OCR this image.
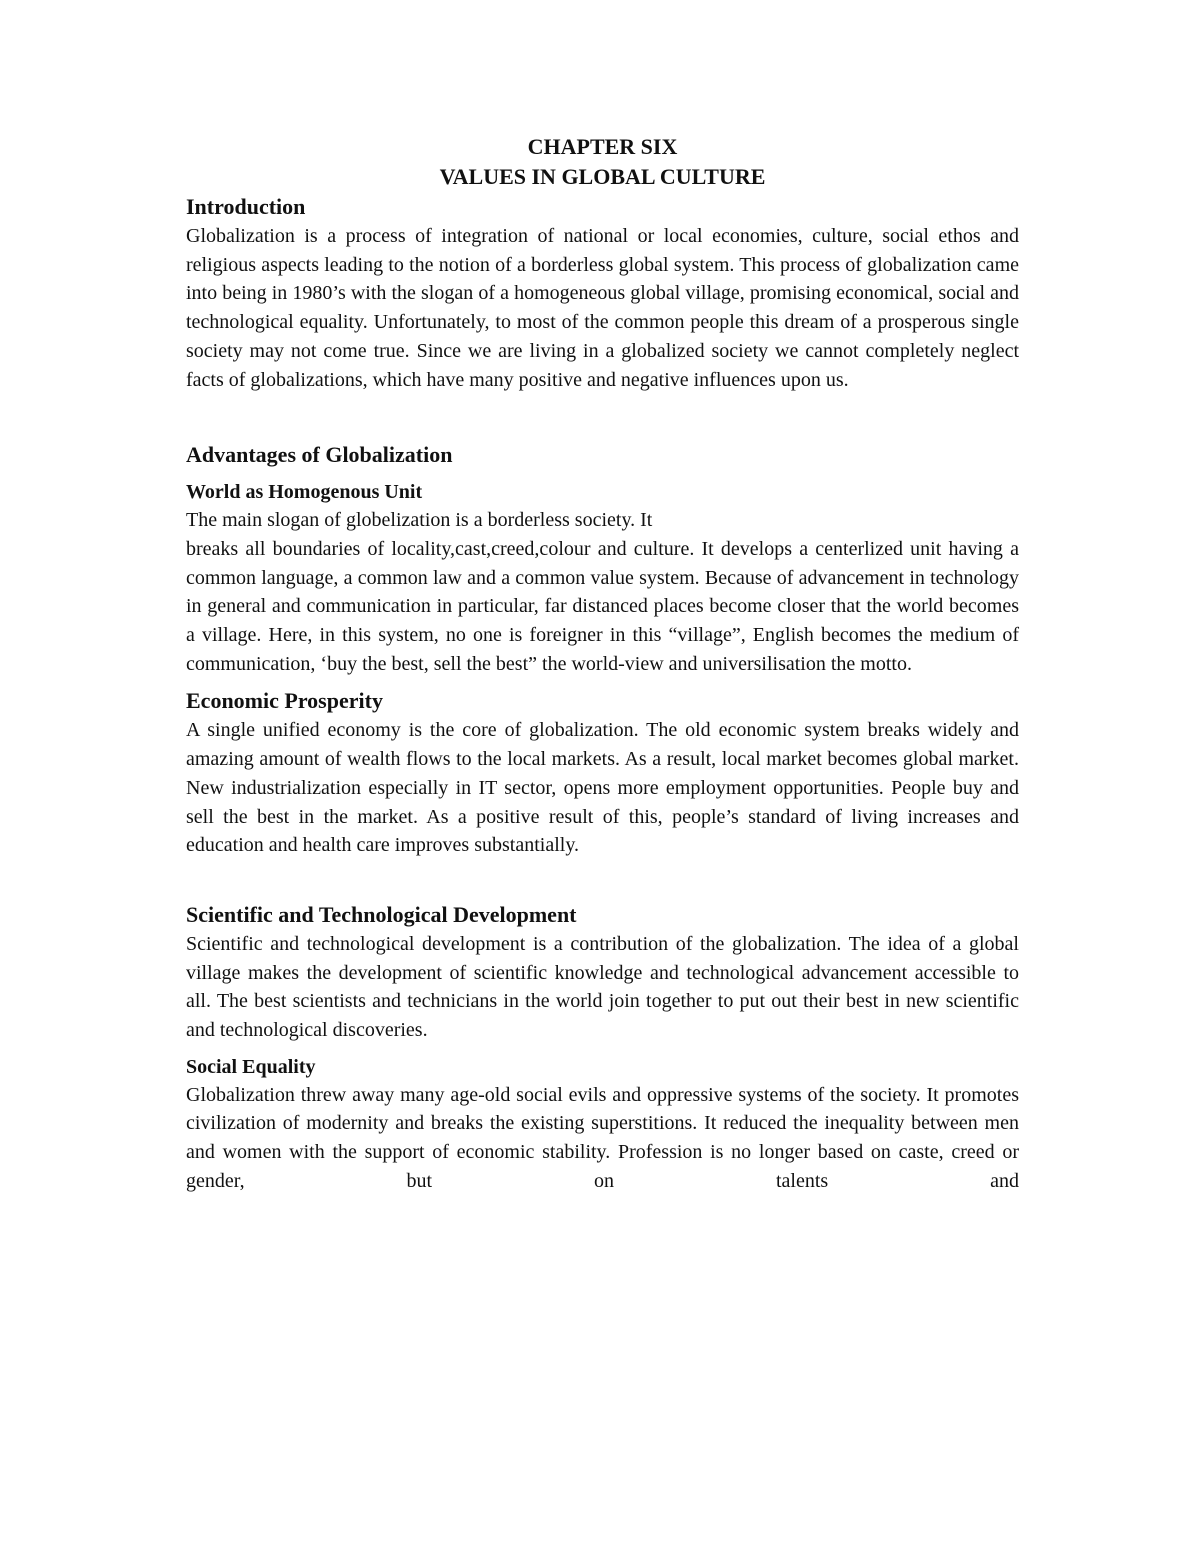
CHAPTER SIX
VALUES IN GLOBAL CULTURE
Introduction

Globalization is a process of integration of national or local economies, culture, social ethos and religious aspects leading to the notion of a borderless global system. This process of globalization came into being in 1980’s with the slogan of a homogeneous global village, promising economical, social and technological equality. Unfortunately, to most of the common people this dream of a prosperous single society may not come true. Since we are living in a globalized society we cannot completely neglect facts of globalizations, which have many positive and negative influences upon us.

Advantages of Globalization
World as Homogenous Unit

The main slogan of globelization is a borderless society. It

breaks all boundaries of locality,cast,creed,colour and culture. It develops a centerlized unit having a common language, a common law and a common value system. Because of advancement in technology in general and communication in particular, far distanced places become closer that the world becomes a village. Here, in this system, no one is foreigner in this “village”, English becomes the medium of communication, ‘buy the best, sell the best” the world-view and universilisation the motto.

Economic Prosperity

A single unified economy is the core of globalization. The old economic system breaks widely and amazing amount of wealth flows to the local markets. As a result, local market becomes global market. New industrialization especially in IT sector, opens more employment opportunities. People buy and sell the best in the market. As a positive result of this, people’s standard of living increases and education and health care improves substantially.

Scientific and Technological Development

Scientific and technological development is a contribution of the globalization. The idea of a global village makes the development of scientific knowledge and technological advancement accessible to all. The best scientists and technicians in the world join together to put out their best in new scientific and technological discoveries.

Social Equality

Globalization threw away many age-old social evils and oppressive systems of the society. It promotes civilization of modernity and breaks the existing superstitions. It reduced the inequality between men and women with the support of economic stability. Profession is no longer based on caste, creed or gender, but on talents and
